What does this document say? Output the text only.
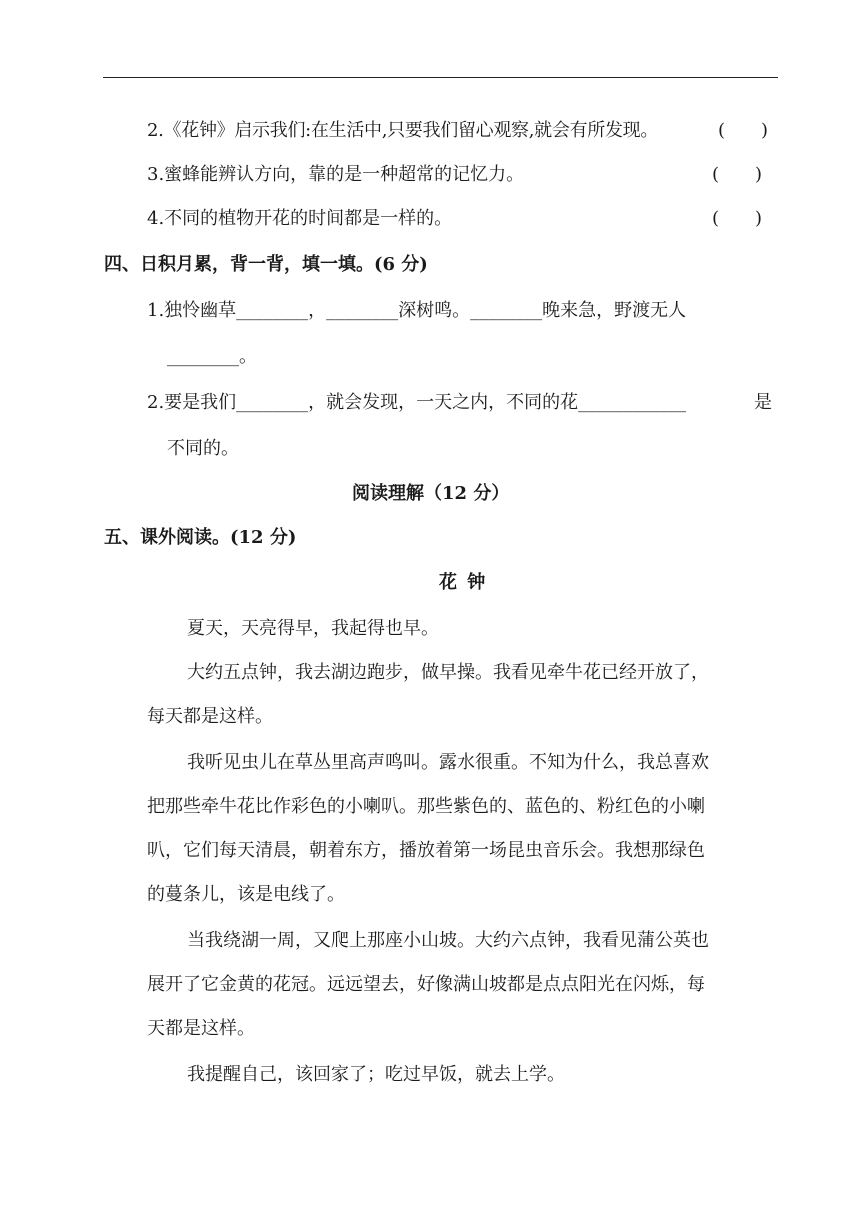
2.《花钟》启示我们:在生活中,只要我们留心观察,就会有所发现。	(　　)
3.蜜蜂能辨认方向，靠的是一种超常的记忆力。	(　　)
4.不同的植物开花的时间都是一样的。	(　　)
四、日积月累，背一背，填一填。(6 分)
1.独怜幽草________，________深树鸣。________晚来急，野渡无人
________。
2.要是我们________，就会发现，一天之内，不同的花____________	是
不同的。
阅读理解（12 分）
五、课外阅读。(12 分)
花 钟
夏天，天亮得早，我起得也早。
大约五点钟，我去湖边跑步，做早操。我看见牵牛花已经开放了，
每天都是这样。
我听见虫儿在草丛里高声鸣叫。露水很重。不知为什么，我总喜欢
把那些牵牛花比作彩色的小喇叭。那些紫色的、蓝色的、粉红色的小喇
叭，它们每天清晨，朝着东方，播放着第一场昆虫音乐会。我想那绿色
的蔓条儿，该是电线了。
当我绕湖一周，又爬上那座小山坡。大约六点钟，我看见蒲公英也
展开了它金黄的花冠。远远望去，好像满山坡都是点点阳光在闪烁，每
天都是这样。
我提醒自己，该回家了；吃过早饭，就去上学。
